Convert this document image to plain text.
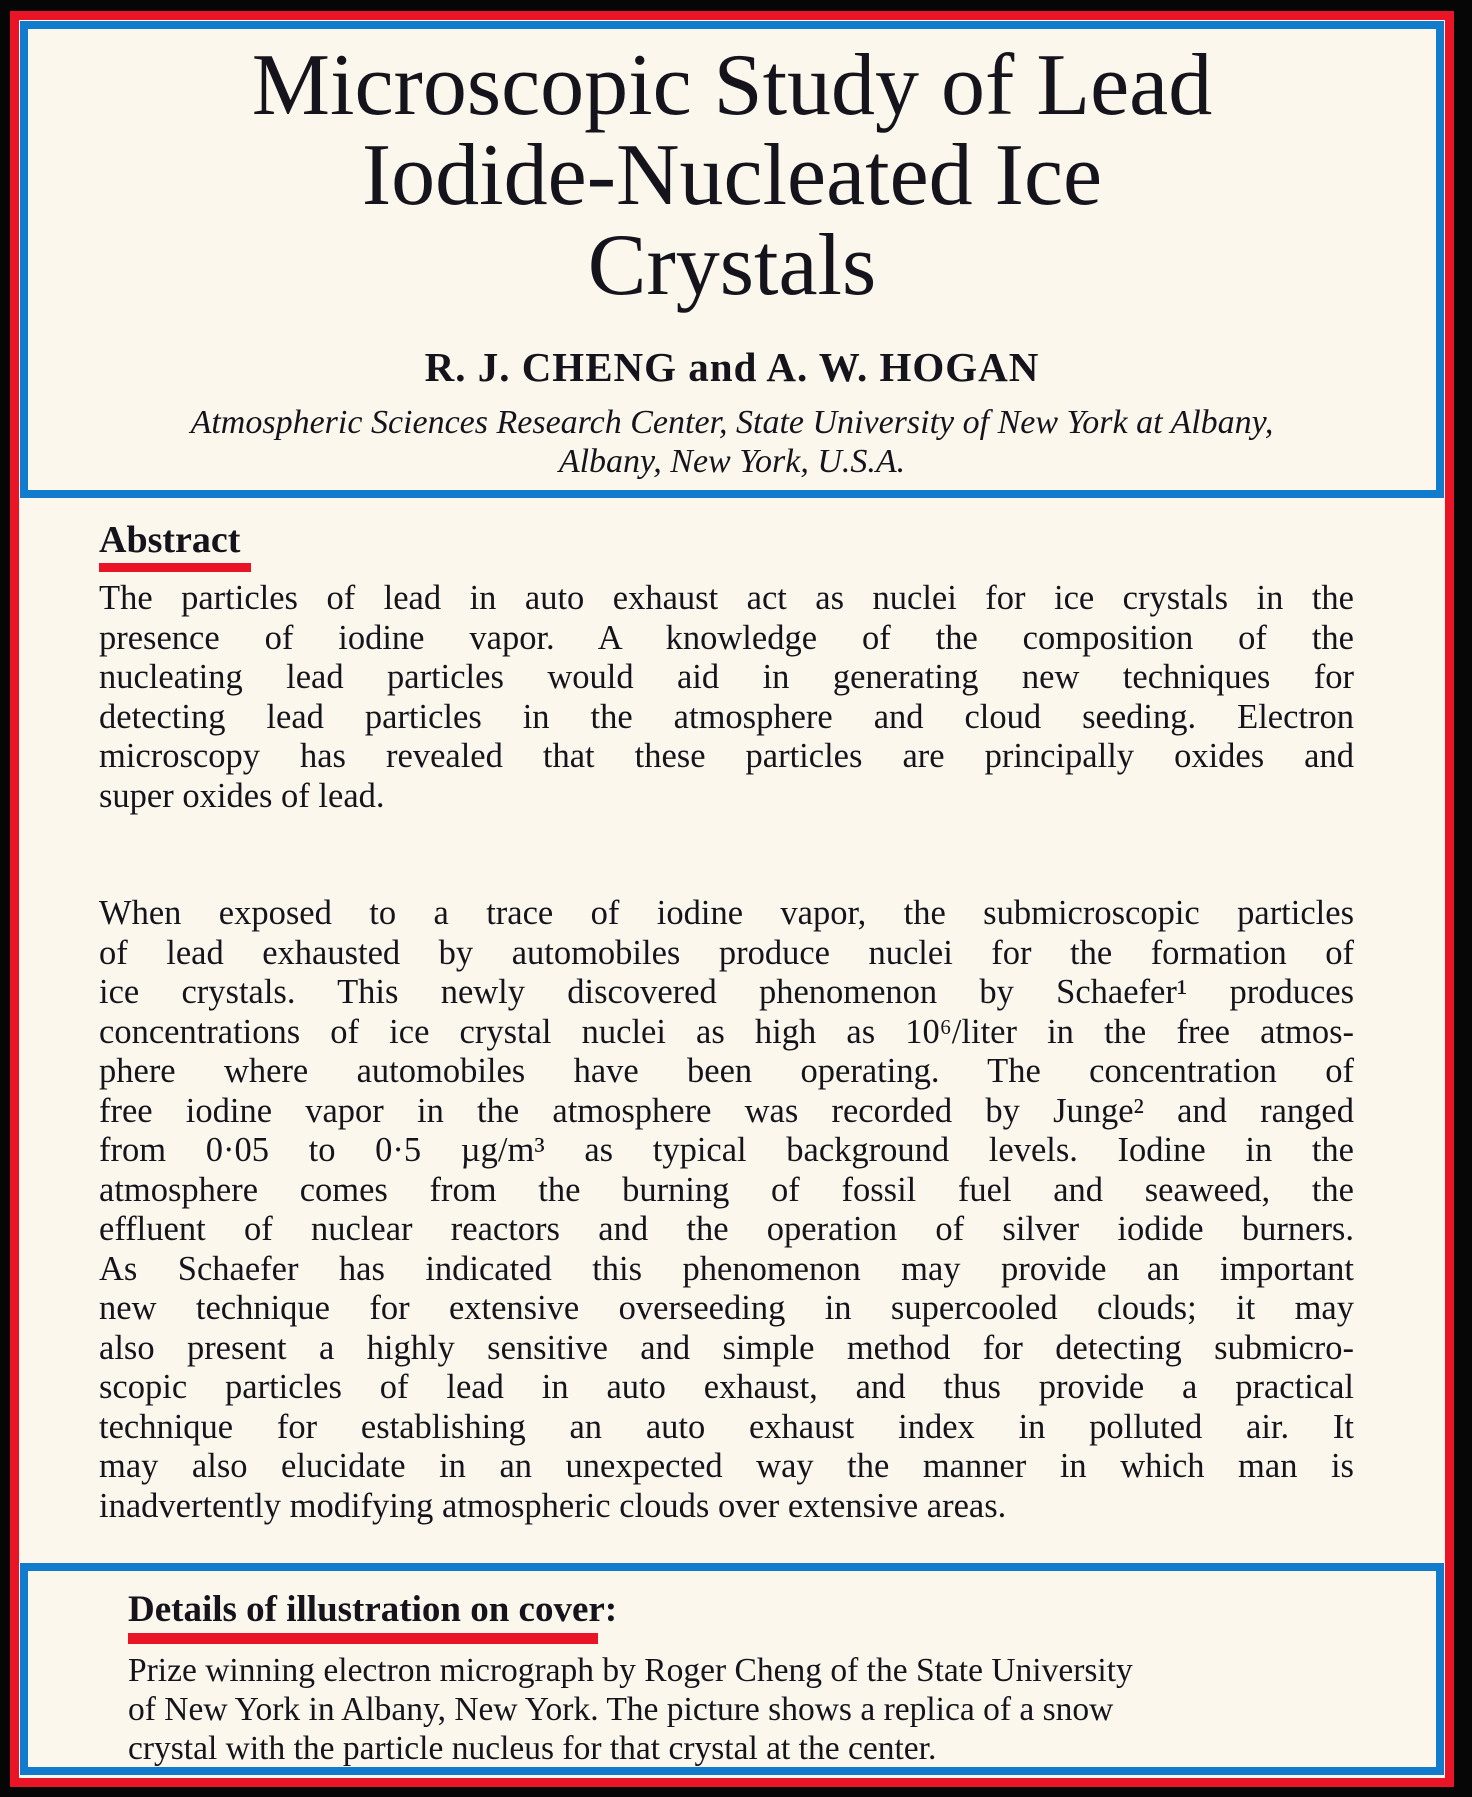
Microscopic Study of Lead
Iodide-Nucleated Ice
Crystals
R. J. CHENG and A. W. HOGAN
Atmospheric Sciences Research Center, State University of New York at Albany,
Albany, New York, U.S.A.
Abstract
The particles of lead in auto exhaust act as nuclei for ice crystals in the
presence of iodine vapor. A knowledge of the composition of the
nucleating lead particles would aid in generating new techniques for
detecting lead particles in the atmosphere and cloud seeding. Electron
microscopy has revealed that these particles are principally oxides and
super oxides of lead.
When exposed to a trace of iodine vapor, the submicroscopic particles
of lead exhausted by automobiles produce nuclei for the formation of
ice crystals. This newly discovered phenomenon by Schaefer¹ produces
concentrations of ice crystal nuclei as high as 10⁶/liter in the free atmos-
phere where automobiles have been operating. The concentration of
free iodine vapor in the atmosphere was recorded by Junge² and ranged
from 0·05 to 0·5 µg/m³ as typical background levels. Iodine in the
atmosphere comes from the burning of fossil fuel and seaweed, the
effluent of nuclear reactors and the operation of silver iodide burners.
As Schaefer has indicated this phenomenon may provide an important
new technique for extensive overseeding in supercooled clouds; it may
also present a highly sensitive and simple method for detecting submicro-
scopic particles of lead in auto exhaust, and thus provide a practical
technique for establishing an auto exhaust index in polluted air. It
may also elucidate in an unexpected way the manner in which man is
inadvertently modifying atmospheric clouds over extensive areas.
Details of illustration on cover:
Prize winning electron micrograph by Roger Cheng of the State University
of New York in Albany, New York. The picture shows a replica of a snow
crystal with the particle nucleus for that crystal at the center.
